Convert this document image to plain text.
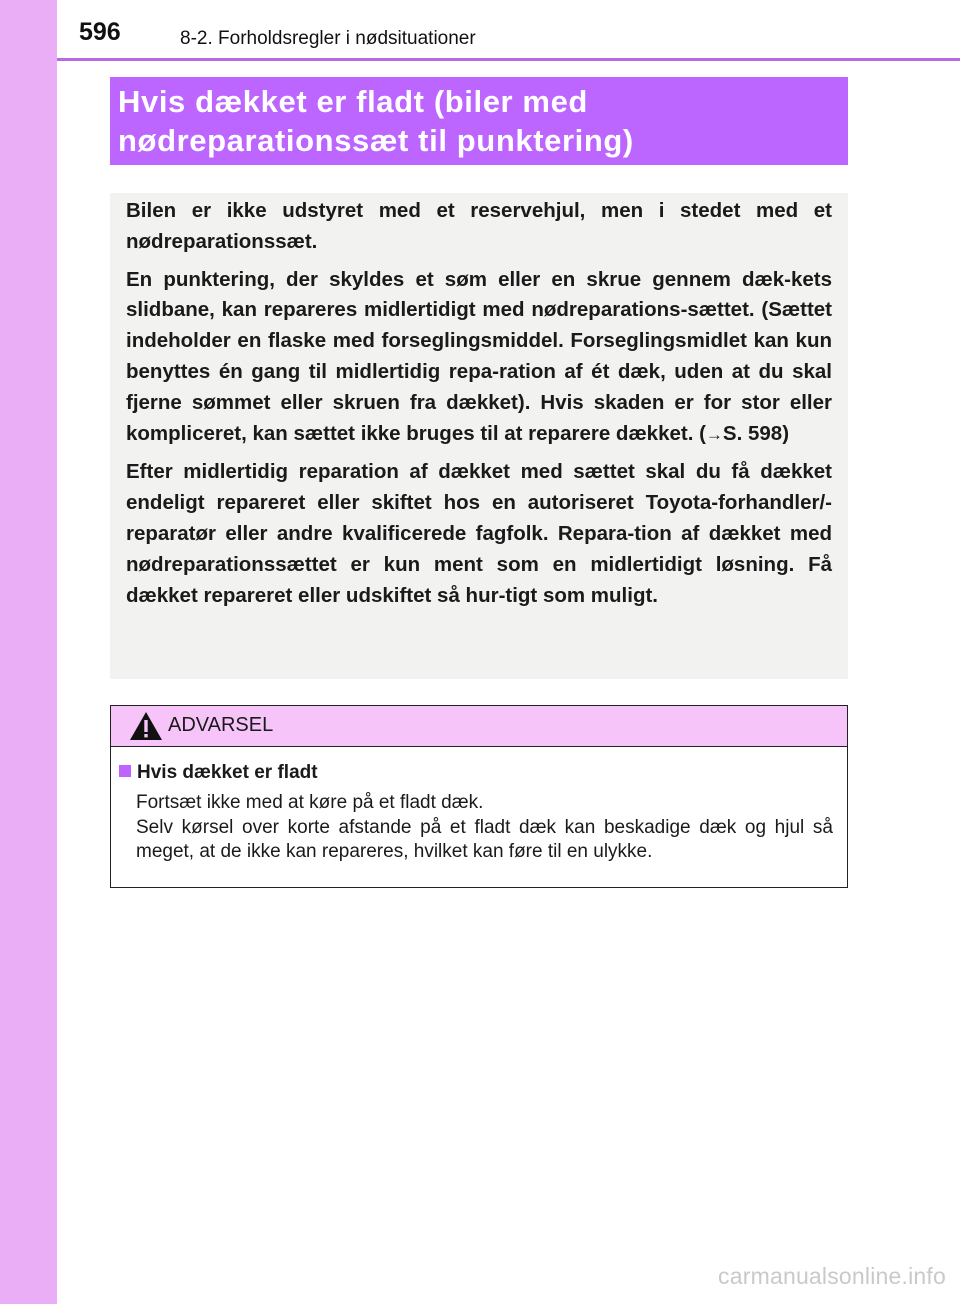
596	8-2. Forholdsregler i nødsituationer
Hvis dækket er fladt (biler med
nødreparationssæt til punktering)

Bilen er ikke udstyret med et reservehjul, men i stedet med et nødreparationssæt.

En punktering, der skyldes et søm eller en skrue gennem dæk-kets slidbane, kan repareres midlertidigt med nødreparations-sættet. (Sættet indeholder en flaske med forseglingsmiddel. Forseglingsmidlet kan kun benyttes én gang til midlertidig repa-ration af ét dæk, uden at du skal fjerne sømmet eller skruen fra dækket). Hvis skaden er for stor eller kompliceret, kan sættet ikke bruges til at reparere dækket. (→S. 598)

Efter midlertidig reparation af dækket med sættet skal du få dækket endeligt repareret eller skiftet hos en autoriseret Toyota-forhandler/-reparatør eller andre kvalificerede fagfolk. Repara-tion af dækket med nødreparationssættet er kun ment som en midlertidigt løsning. Få dækket repareret eller udskiftet så hur-tigt som muligt.

ADVARSEL

Hvis dækket er fladt

Fortsæt ikke med at køre på et fladt dæk.

Selv kørsel over korte afstande på et fladt dæk kan beskadige dæk og hjul så meget, at de ikke kan repareres, hvilket kan føre til en ulykke.

carmanualsonline.info
